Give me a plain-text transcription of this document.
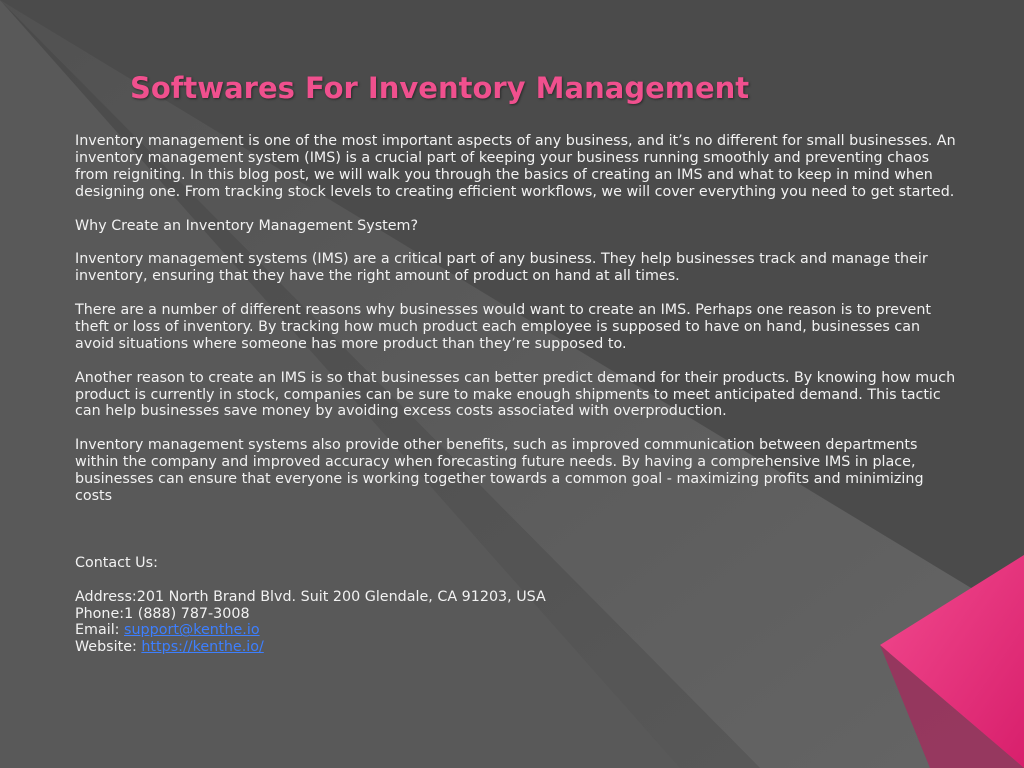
Softwares For Inventory Management

Inventory management is one of the most important aspects of any business, and it’s no different for small businesses. An inventory management system (IMS) is a crucial part of keeping your business running smoothly and preventing chaos from reigniting. In this blog post, we will walk you through the basics of creating an IMS and what to keep in mind when designing one. From tracking stock levels to creating efficient workflows, we will cover everything you need to get started.

Why Create an Inventory Management System?

Inventory management systems (IMS) are a critical part of any business. They help businesses track and manage their inventory, ensuring that they have the right amount of product on hand at all times.

There are a number of different reasons why businesses would want to create an IMS. Perhaps one reason is to prevent theft or loss of inventory. By tracking how much product each employee is supposed to have on hand, businesses can avoid situations where someone has more product than they’re supposed to.

Another reason to create an IMS is so that businesses can better predict demand for their products. By knowing how much product is currently in stock, companies can be sure to make enough shipments to meet anticipated demand. This tactic can help businesses save money by avoiding excess costs associated with overproduction.

Inventory management systems also provide other benefits, such as improved communication between departments within the company and improved accuracy when forecasting future needs. By having a comprehensive IMS in place, businesses can ensure that everyone is working together towards a common goal - maximizing profits and minimizing costs

Contact Us:

Address:201 North Brand Blvd. Suit 200 Glendale, CA 91203, USA

Phone:1 (888) 787-3008

Email: support@kenthe.io

Website: https://kenthe.io/
